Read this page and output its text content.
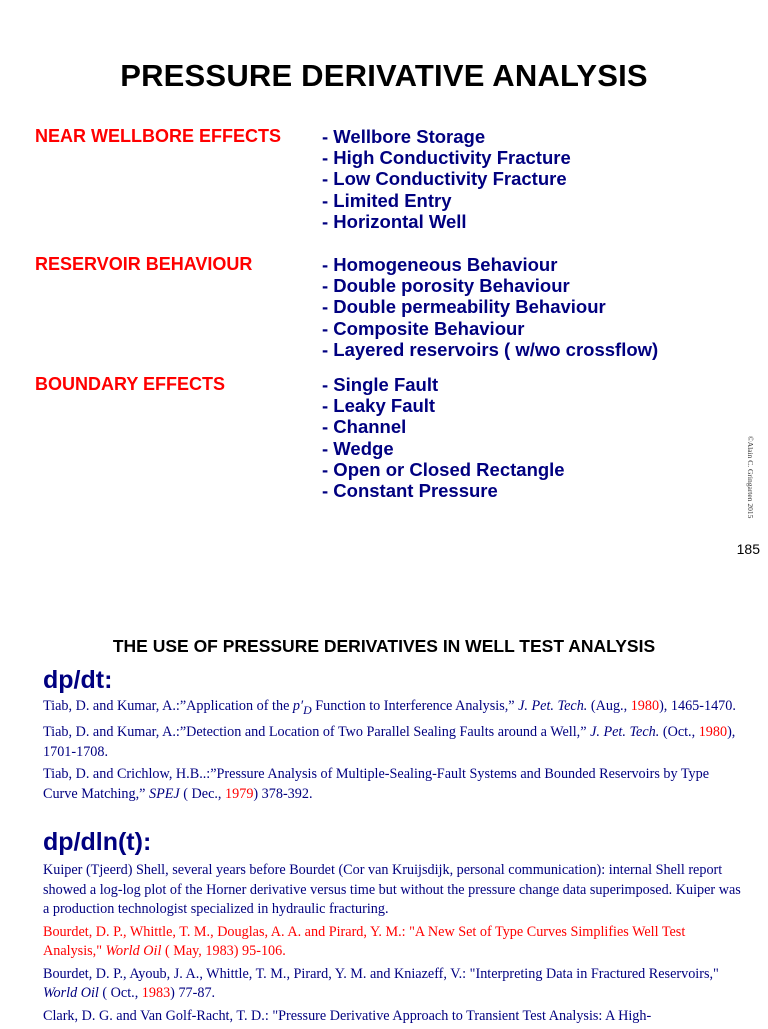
PRESSURE DERIVATIVE ANALYSIS
NEAR WELLBORE EFFECTS - Wellbore Storage
- High Conductivity Fracture
- Low Conductivity Fracture
- Limited Entry
- Horizontal Well
RESERVOIR BEHAVIOUR	- Homogeneous Behaviour
- Double porosity Behaviour
- Double permeability Behaviour
- Composite Behaviour
- Layered reservoirs ( w/wo crossflow)
BOUNDARY EFFECTS	- Single Fault
- Leaky Fault
- Channel
- Wedge
- Open or Closed Rectangle
- Constant Pressure	©Alain C. Gringarten 2015
185
THE USE OF PRESSURE DERIVATIVES IN WELL TEST ANALYSIS
dp/dt:
Tiab, D. and Kumar, A.:”Application of the $p'_D$ Function to Interference Analysis,” J. Pet. Tech. (Aug., 1980), 1465-1470.
Tiab, D. and Kumar, A.:”Detection and Location of Two Parallel Sealing Faults around a Well,” J. Pet. Tech. (Oct., 1980), 1701-1708.
Tiab, D. and Crichlow, H.B..:”Pressure Analysis of Multiple-Sealing-Fault Systems and Bounded Reservoirs by Type Curve Matching,” SPEJ ( Dec., 1979) 378-392.
dp/dln(t):
Kuiper (Tjeerd) Shell, several years before Bourdet (Cor van Kruijsdijk, personal communication): internal Shell report showed a log-log plot of the Horner derivative versus time but without the pressure change data superimposed. Kuiper was a production technologist specialized in hydraulic fracturing.
Bourdet, D. P., Whittle, T. M., Douglas, A. A. and Pirard, Y. M.: "A New Set of Type Curves Simplifies Well Test Analysis," World Oil ( May, 1983) 95-106.
Bourdet, D. P., Ayoub, J. A., Whittle, T. M., Pirard, Y. M. and Kniazeff, V.: "Interpreting Data in Fractured Reservoirs," World Oil ( Oct., 1983) 77-87.
Clark, D. G. and Van Golf-Racht, T. D.: "Pressure Derivative Approach to Transient Test Analysis: A High-
